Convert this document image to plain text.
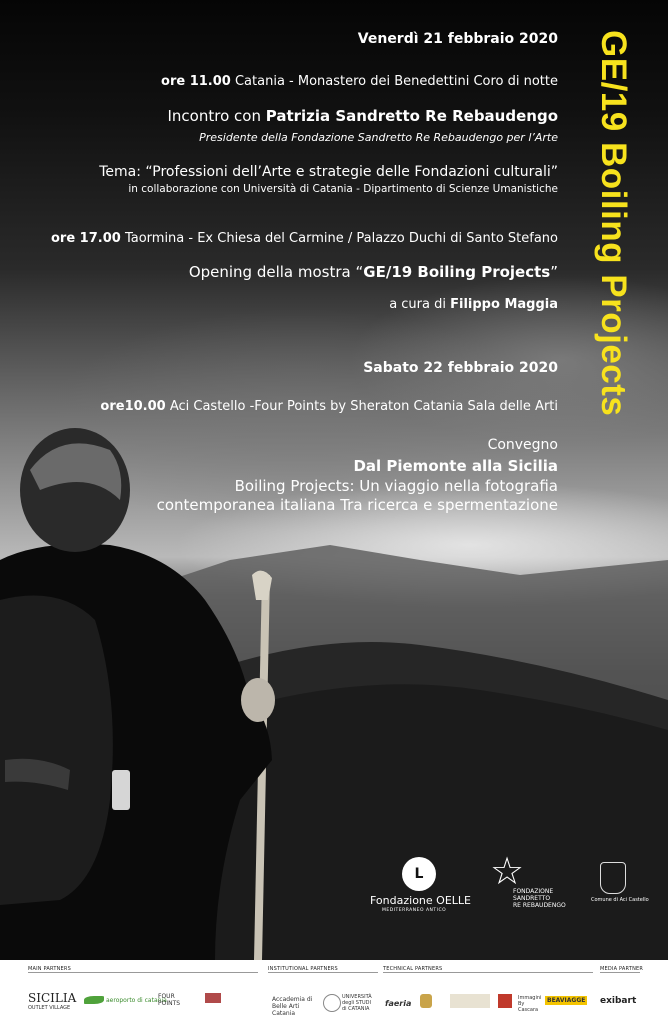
GE/19 Boiling Projects
Venerdì 21 febbraio 2020
ore 11.00 Catania - Monastero dei Benedettini Coro di notte
Incontro con Patrizia Sandretto Re Rebaudengo
Presidente della Fondazione Sandretto Re Rebaudengo per l’Arte
Tema: “Professioni dell’Arte e strategie delle Fondazioni culturali”
in collaborazione con Università di Catania - Dipartimento di Scienze Umanistiche
ore 17.00 Taormina - Ex Chiesa del Carmine / Palazzo Duchi di Santo Stefano
Opening della mostra “GE/19 Boiling Projects”
a cura di Filippo Maggia
Sabato 22 febbraio 2020
ore10.00 Aci Castello -Four Points by Sheraton Catania Sala delle Arti
Convegno
Dal Piemonte alla Sicilia
Boiling Projects: Un viaggio nella fotografia
contemporanea italiana Tra ricerca e spermentazione
L
Fondazione OELLE
MEDITERRANEO ANTICO
☆
FONDAZIONE
SANDRETTO
RE REBAUDENGO
Comune di Aci Castello
MAIN PARTNERS	INSTITUTIONAL PARTNERS	TECHNICAL PARTNERS	MEDIA PARTNER
SICILIA
OUTLET VILLAGE
aeroporto di catania
FOUR POINTS
Accademia di Belle Arti Catania
UNIVERSITÀ degli STUDI di CATANIA
faeria
Immagini By Cascara
BEAVIAGGE exibart
